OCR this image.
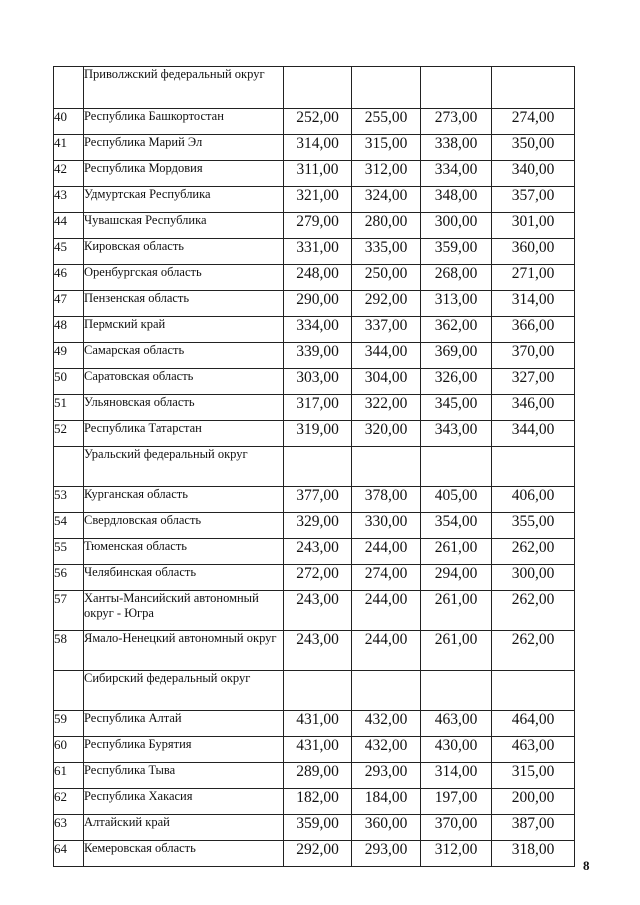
	Приволжский федеральный округ				
40	Республика Башкортостан	252,00	255,00	273,00	274,00
41	Республика Марий Эл	314,00	315,00	338,00	350,00
42	Республика Мордовия	311,00	312,00	334,00	340,00
43	Удмуртская Республика	321,00	324,00	348,00	357,00
44	Чувашская Республика	279,00	280,00	300,00	301,00
45	Кировская область	331,00	335,00	359,00	360,00
46	Оренбургская область	248,00	250,00	268,00	271,00
47	Пензенская область	290,00	292,00	313,00	314,00
48	Пермский край	334,00	337,00	362,00	366,00
49	Самарская область	339,00	344,00	369,00	370,00
50	Саратовская область	303,00	304,00	326,00	327,00
51	Ульяновская область	317,00	322,00	345,00	346,00
52	Республика Татарстан	319,00	320,00	343,00	344,00
	Уральский федеральный округ				
53	Курганская область	377,00	378,00	405,00	406,00
54	Свердловская область	329,00	330,00	354,00	355,00
55	Тюменская область	243,00	244,00	261,00	262,00
56	Челябинская область	272,00	274,00	294,00	300,00
57	Ханты-Мансийский автономный округ - Югра	243,00	244,00	261,00	262,00
58	Ямало-Ненецкий автономный округ	243,00	244,00	261,00	262,00
	Сибирский федеральный округ				
59	Республика Алтай	431,00	432,00	463,00	464,00
60	Республика Бурятия	431,00	432,00	430,00	463,00
61	Республика Тыва	289,00	293,00	314,00	315,00
62	Республика Хакасия	182,00	184,00	197,00	200,00
63	Алтайский край	359,00	360,00	370,00	387,00
64	Кемеровская область	292,00	293,00	312,00	318,00
8
